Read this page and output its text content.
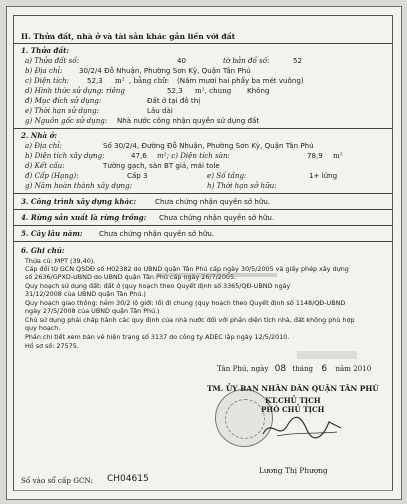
II. Thửa đất, nhà ở và tài sản khác gắn liền với đất
1. Thửa đất:
a) Thửa đất số:	40	tờ bản đồ số:	52
b) Địa chỉ: 30/2/4 Đỗ Nhuận, Phường Sơn Kỳ, Quận Tân Phú
c) Diện tích:	52,3 m² , bằng chữ: (Năm mươi hai phẩy ba mét vuông)
d) Hình thức sử dụng: riêng	52,3 m², chung Không
đ) Mục đích sử dụng:	Đất ở tại đô thị
e) Thời hạn sử dụng:	Lâu dài
g) Nguồn gốc sử dụng: Nhà nước công nhận quyền sử dụng đất
2. Nhà ở:
a) Địa chỉ:	Số 30/2/4, Đường Đỗ Nhuận, Phường Sơn Kỳ, Quận Tân Phú
b) Diện tích xây dựng:	47,6 m²; c) Diện tích sàn:	78,9 m²
d) Kết cấu:	Tường gạch, sàn BT giả, mái tole
đ) Cấp (Hạng):	Cấp 3	e) Số tầng:	1+ lửng
g) Năm hoàn thành xây dựng:	h) Thời hạn sở hữu:
3. Công trình xây dựng khác:	Chưa chứng nhận quyền sở hữu.
4. Rừng sản xuất là rừng trồng: Chưa chứng nhận quyền sở hữu.
5. Cây lâu năm: Chưa chứng nhận quyền sở hữu.
6. Ghi chú:
Thửa cũ: MPT (39,40).
Cấp đổi từ GCN QSDĐ số H02382 do UBND quận Tân Phú cấp ngày 30/5/2005 và giấy phép xây dựng
số 2636/GPXD-UBND do UBND quận Tân Phú cấp ngày 26/7/2005.
Quy hoạch sử dụng đất: đất ở (quy hoạch theo Quyết định số 3365/QĐ-UBND ngày
31/12/2008 của UBND quận Tân Phú.)
Quy hoạch giao thông: hẻm 30/2 lộ giới: lối đi chung (quy hoạch theo Quyết định số 1148/QĐ-UBND
ngày 27/5/2008 của UBND quận Tân Phú.)
Chủ sử dụng phải chấp hành các quy định của nhà nước đối với phần diện tích nhà, đất không phù hợp
quy hoạch.
Phần chi tiết xem bản vẽ hiện trạng số 3137 do công ty ADEC lập ngày 12/5/2010.
Hồ sơ số: 27575.
Tân Phú, ngày 08 tháng 6 năm 2010
TM. ỦY BAN NHÂN DÂN QUẬN TÂN PHÚ
KT.CHỦ TỊCH
PHÓ CHỦ TỊCH
Lương Thị Phượng
Số vào sổ cấp GCN: CH04615
